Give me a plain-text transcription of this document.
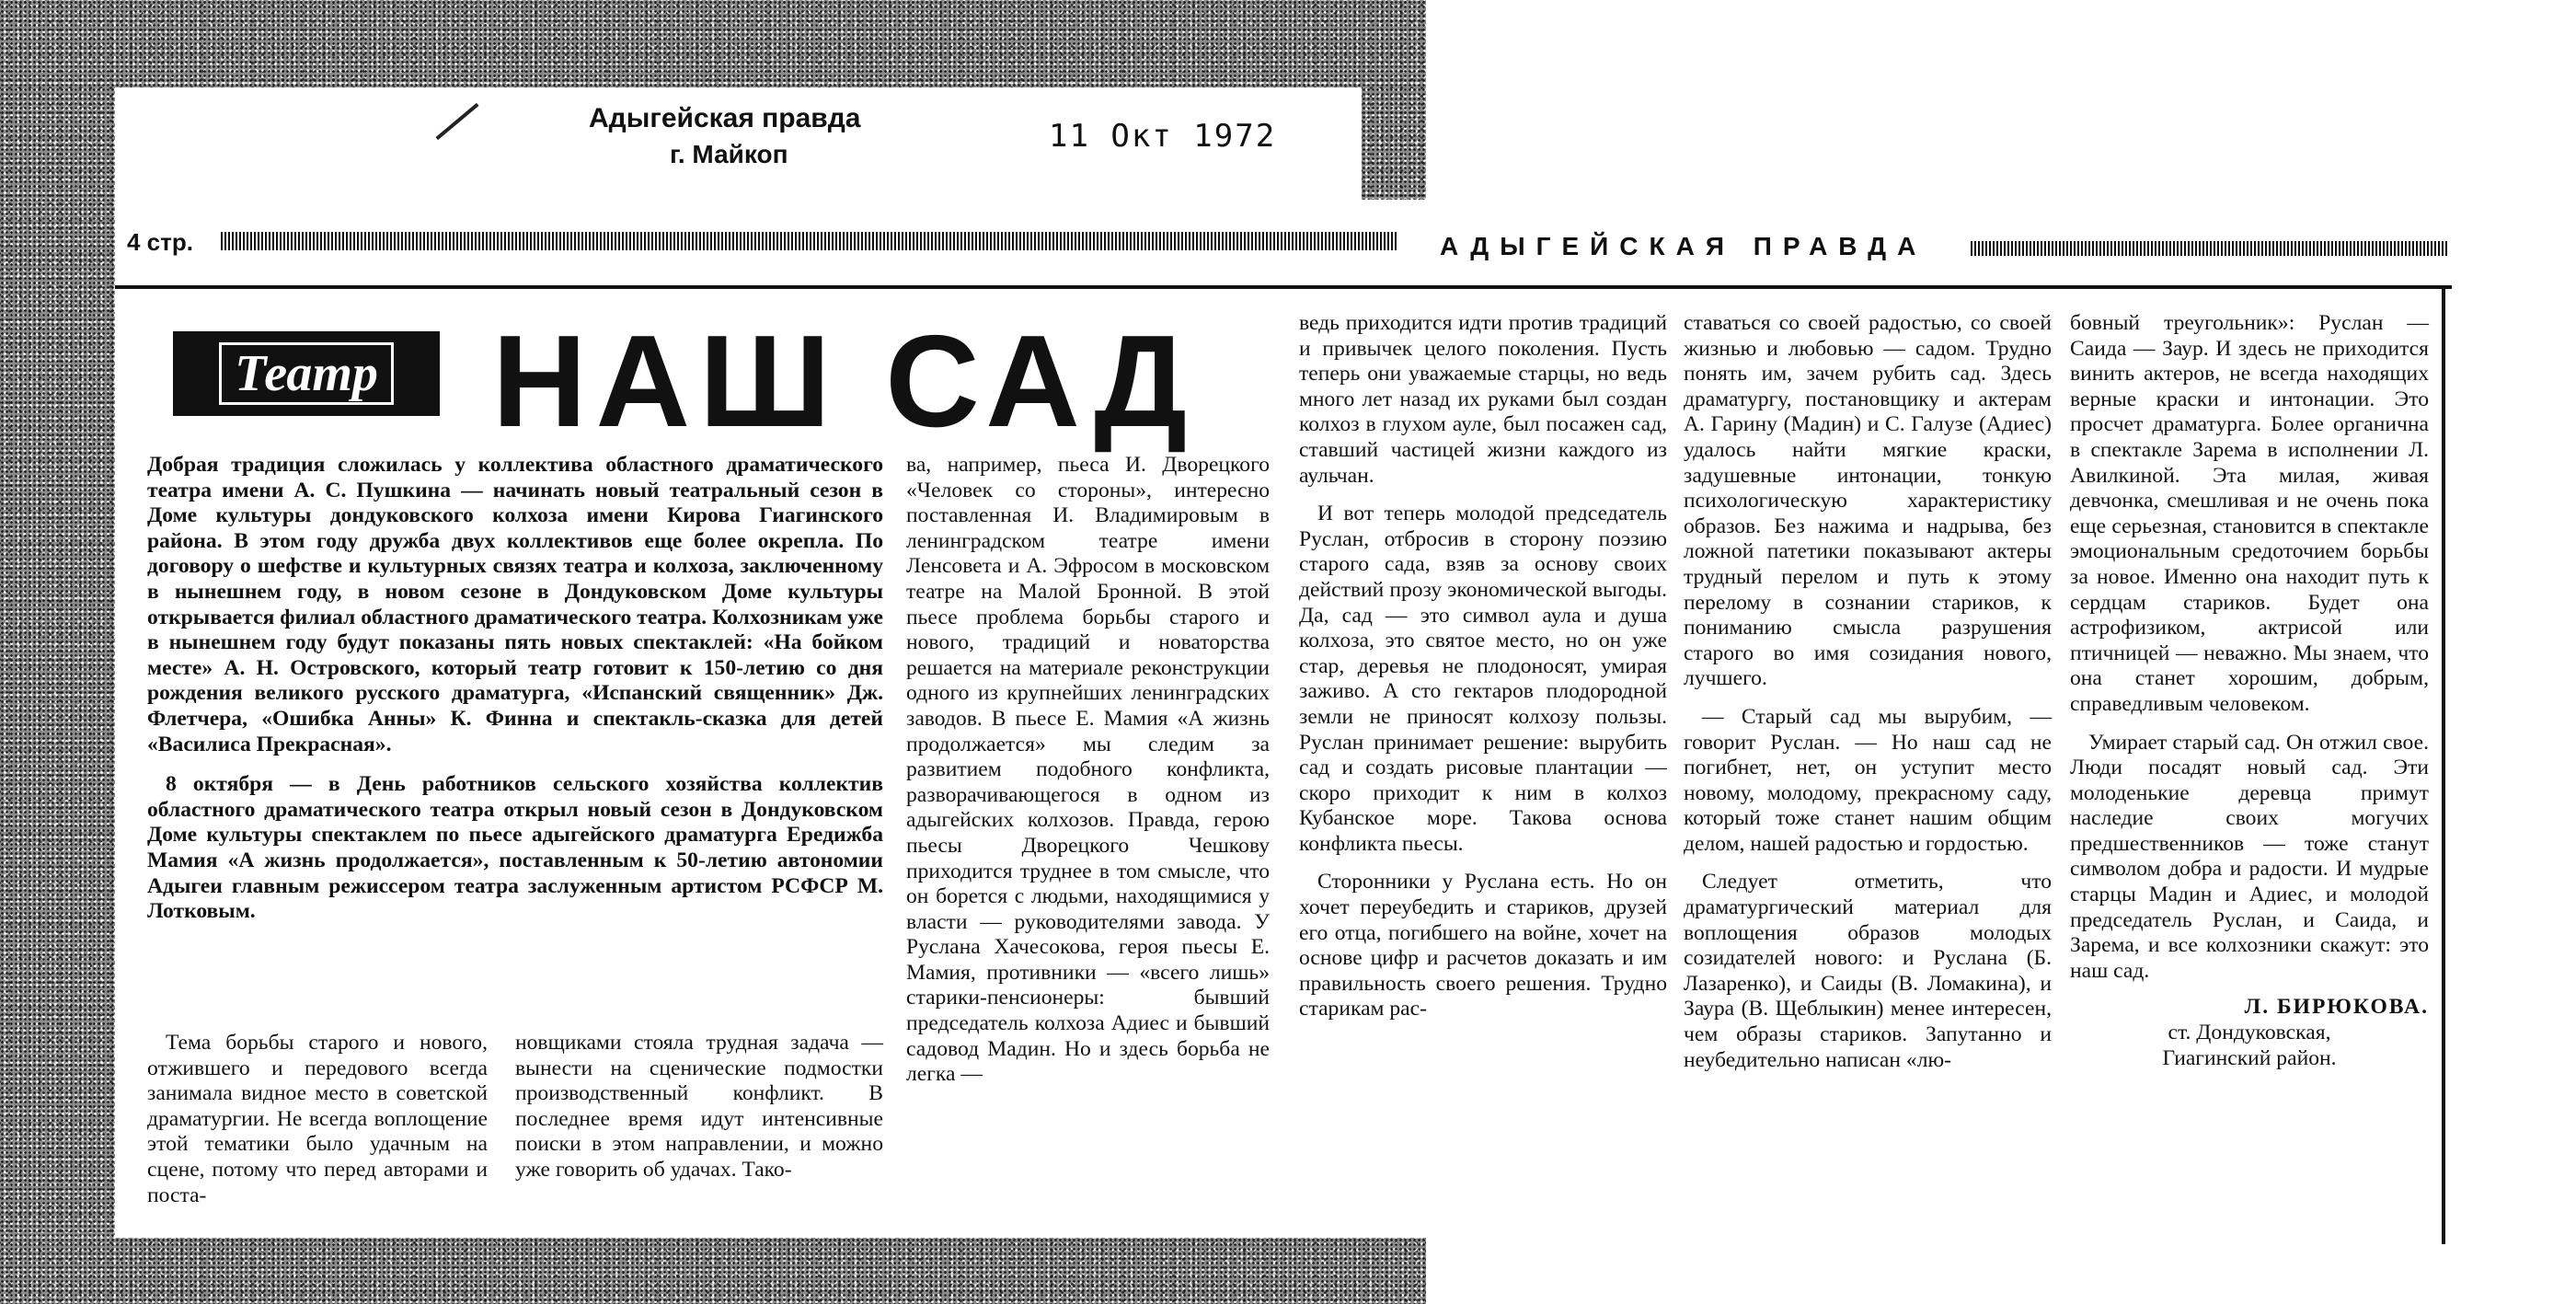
Адыгейская правда
г. Майкоп	11 Окт 1972
4 стр.	АДЫГЕЙСКАЯ ПРАВДА
Театр НАШ САД

Добрая традиция сложилась у коллектива областного драматического театра имени А. С. Пушкина — начинать новый театральный сезон в Доме культуры дондуковского колхоза имени Кирова Гиагинского района. В этом году дружба двух коллективов еще более окрепла. По договору о шефстве и культурных связях театра и колхоза, заключенному в нынешнем году, в новом сезоне в Дондуковском Доме культуры открывается филиал областного драматического театра. Колхозникам уже в нынешнем году будут показаны пять новых спектаклей: «На бойком месте» А. Н. Островского, который театр готовит к 150-летию со дня рождения великого русского драматурга, «Испанский священник» Дж. Флетчера, «Ошибка Анны» К. Финна и спектакль-сказка для детей «Василиса Прекрасная».

8 октября — в День работников сельского хозяйства коллектив областного драматического театра открыл новый сезон в Дондуковском Доме культуры спектаклем по пьесе адыгейского драматурга Ередижба Мамия «А жизнь продолжается», поставленным к 50-летию автономии Адыгеи главным режиссером театра заслуженным артистом РСФСР М. Лотковым.

Тема борьбы старого и нового, отжившего и передового всегда занимала видное место в советской драматургии. Не всегда воплощение этой тематики было удачным на сцене, потому что перед авторами и поста-

новщиками стояла трудная задача — вынести на сценические подмостки производственный конфликт. В последнее время идут интенсивные поиски в этом направлении, и можно уже говорить об удачах. Тако-

ва, например, пьеса И. Дворецкого «Человек со стороны», интересно поставленная И. Владимировым в ленинградском театре имени Ленсовета и А. Эфросом в московском театре на Малой Бронной. В этой пьесе проблема борьбы старого и нового, традиций и новаторства решается на материале реконструкции одного из крупнейших ленинградских заводов. В пьесе Е. Мамия «А жизнь продолжается» мы следим за развитием подобного конфликта, разворачивающегося в одном из адыгейских колхозов. Правда, герою пьесы Дворецкого Чешкову приходится труднее в том смысле, что он борется с людьми, находящимися у власти — руководителями завода. У Руслана Хачесокова, героя пьесы Е. Мамия, противники — «всего лишь» старики-пенсионеры: бывший председатель колхоза Адиес и бывший садовод Мадин. Но и здесь борьба не легка —

ведь приходится идти против традиций и привычек целого поколения. Пусть теперь они уважаемые старцы, но ведь много лет назад их руками был создан колхоз в глухом ауле, был посажен сад, ставший частицей жизни каждого из аульчан.

И вот теперь молодой председатель Руслан, отбросив в сторону поэзию старого сада, взяв за основу своих действий прозу экономической выгоды. Да, сад — это символ аула и душа колхоза, это святое место, но он уже стар, деревья не плодоносят, умирая заживо. А сто гектаров плодородной земли не приносят колхозу пользы. Руслан принимает решение: вырубить сад и создать рисовые плантации — скоро приходит к ним в колхоз Кубанское море. Такова основа конфликта пьесы.

Сторонники у Руслана есть. Но он хочет переубедить и стариков, друзей его отца, погибшего на войне, хочет на основе цифр и расчетов доказать и им правильность своего решения. Трудно старикам рас-

ставаться со своей радостью, со своей жизнью и любовью — садом. Трудно понять им, зачем рубить сад. Здесь драматургу, постановщику и актерам А. Гарину (Мадин) и С. Галузе (Адиес) удалось найти мягкие краски, задушевные интонации, тонкую психологическую характеристику образов. Без нажима и надрыва, без ложной патетики показывают актеры трудный перелом и путь к этому перелому в сознании стариков, к пониманию смысла разрушения старого во имя созидания нового, лучшего.

— Старый сад мы вырубим, — говорит Руслан. — Но наш сад не погибнет, нет, он уступит место новому, молодому, прекрасному саду, который тоже станет нашим общим делом, нашей радостью и гордостью.

Следует отметить, что драматургический материал для воплощения образов молодых созидателей нового: и Руслана (Б. Лазаренко), и Саиды (В. Ломакина), и Заура (В. Щеблыкин) менее интересен, чем образы стариков. Запутанно и неубедительно написан «лю-

бовный треугольник»: Руслан — Саида — Заур. И здесь не приходится винить актеров, не всегда находящих верные краски и интонации. Это просчет драматурга. Более органична в спектакле Зарема в исполнении Л. Авилкиной. Эта милая, живая девчонка, смешливая и не очень пока еще серьезная, становится в спектакле эмоциональным средоточием борьбы за новое. Именно она находит путь к сердцам стариков. Будет она астрофизиком, актрисой или птичницей — неважно. Мы знаем, что она станет хорошим, добрым, справедливым человеком.

Умирает старый сад. Он отжил свое. Люди посадят новый сад. Эти молоденькие деревца примут наследие своих могучих предшественников — тоже станут символом добра и радости. И мудрые старцы Мадин и Адиес, и молодой председатель Руслан, и Саида, и Зарема, и все колхозники скажут: это наш сад.

Л. БИРЮКОВА.

ст. Дондуковская,
Гиагинский район.
